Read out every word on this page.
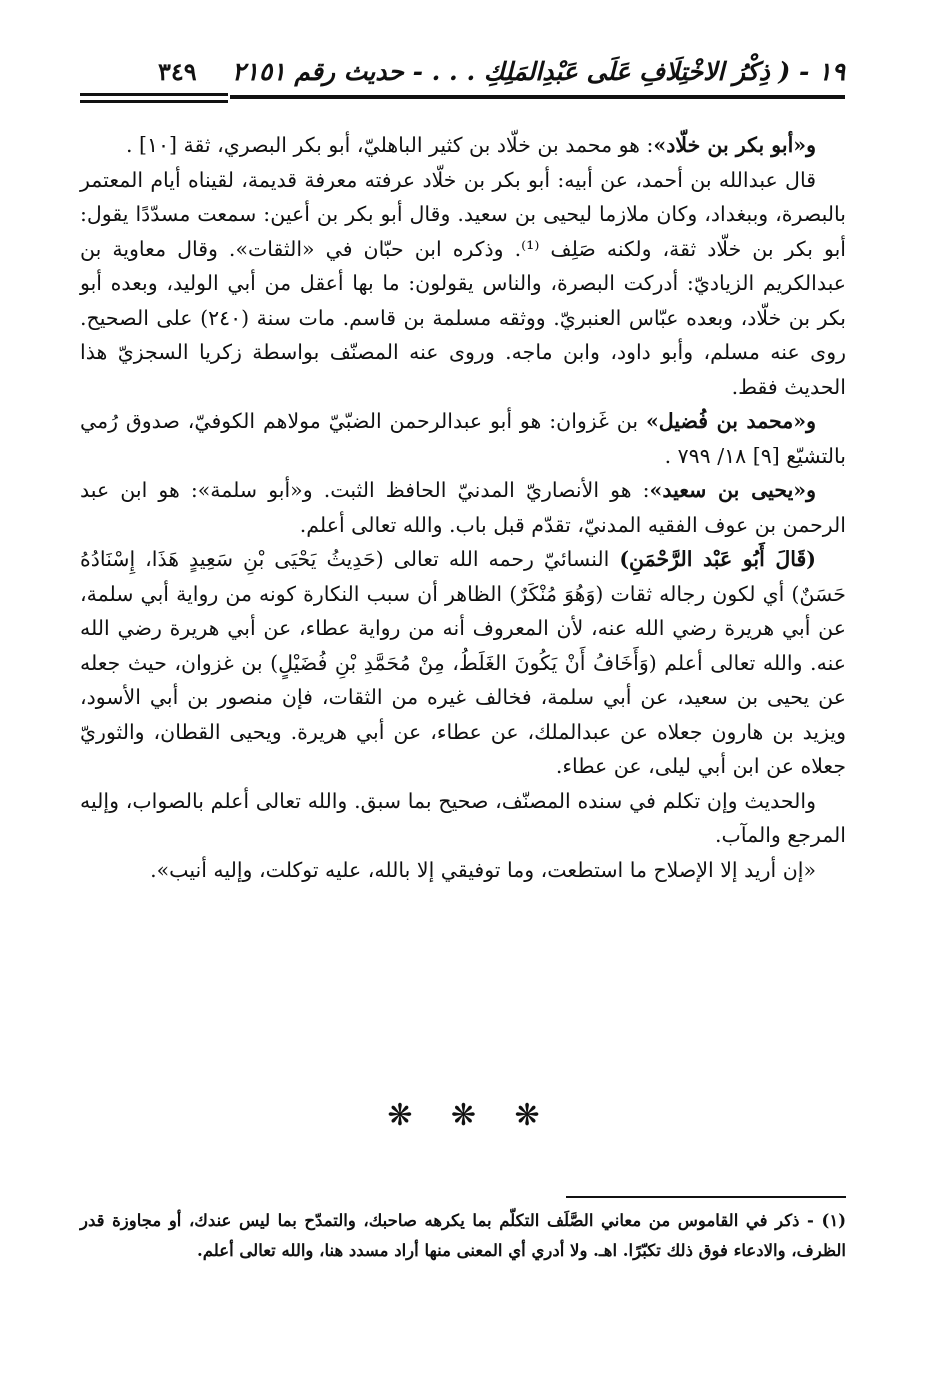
١٩ - ( ذِكْرُ الاخْتِلَافِ عَلَى عَبْدِالمَلِكِ . . . - حديث رقم ٢١٥١
٣٤٩

و«أبو بكر بن خلّاد»: هو محمد بن خلّاد بن كثير الباهليّ، أبو بكر البصري، ثقة [١٠] .

قال عبدالله بن أحمد، عن أبيه: أبو بكر بن خلّاد عرفته معرفة قديمة، لقيناه أيام المعتمر بالبصرة، وببغداد، وكان ملازما ليحيى بن سعيد. وقال أبو بكر بن أعين: سمعت مسدّدًا يقول: أبو بكر بن خلّاد ثقة، ولكنه صَلِف ⁽¹⁾. وذكره ابن حبّان في «الثقات». وقال معاوية بن عبدالكريم الزياديّ: أدركت البصرة، والناس يقولون: ما بها أعقل من أبي الوليد، وبعده أبو بكر بن خلّاد، وبعده عبّاس العنبريّ. ووثقه مسلمة بن قاسم. مات سنة (٢٤٠) على الصحيح. روى عنه مسلم، وأبو داود، وابن ماجه. وروى عنه المصنّف بواسطة زكريا السجزيّ هذا الحديث فقط.

و«محمد بن فُضيل» بن غَزوان: هو أبو عبدالرحمن الضبّيّ مولاهم الكوفيّ، صدوق رُمي بالتشيّع [٩] ١٨/ ٧٩٩ .

و«يحيى بن سعيد»: هو الأنصاريّ المدنيّ الحافظ الثبت. و«أبو سلمة»: هو ابن عبد الرحمن بن عوف الفقيه المدنيّ، تقدّم قبل باب. والله تعالى أعلم.

(قَالَ أَبُو عَبْد الرَّحْمَنِ) النسائيّ رحمه الله تعالى (حَدِيثُ يَحْيَى بْنِ سَعِيدٍ هَذَا، إِسْنَادُهُ حَسَنٌ) أي لكون رجاله ثقات (وَهُوَ مُنْكَرٌ) الظاهر أن سبب النكارة كونه من رواية أبي سلمة، عن أبي هريرة رضي الله عنه، لأن المعروف أنه من رواية عطاء، عن أبي هريرة رضي الله عنه. والله تعالى أعلم (وَأَخَافُ أَنْ يَكُونَ الغَلَطُ، مِنْ مُحَمَّدِ بْنِ فُضَيْلٍ) بن غزوان، حيث جعله عن يحيى بن سعيد، عن أبي سلمة، فخالف غيره من الثقات، فإن منصور بن أبي الأسود، ويزيد بن هارون جعلاه عن عبدالملك، عن عطاء، عن أبي هريرة. ويحيى القطان، والثوريّ جعلاه عن ابن أبي ليلى، عن عطاء.

والحديث وإن تكلم في سنده المصنّف، صحيح بما سبق. والله تعالى أعلم بالصواب، وإليه المرجع والمآب.

«إن أريد إلا الإصلاح ما استطعت، وما توفيقي إلا بالله، عليه توكلت، وإليه أنيب».

❋ ❋ ❋

(١) - ذكر في القاموس من معاني الصَّلَف التكلّم بما يكرهه صاحبك، والتمدّح بما ليس عندك، أو مجاوزة قدر الظرف، والادعاء فوق ذلك تكبّرًا. اهـ. ولا أدري أي المعنى منها أراد مسدد هنا، والله تعالى أعلم.
